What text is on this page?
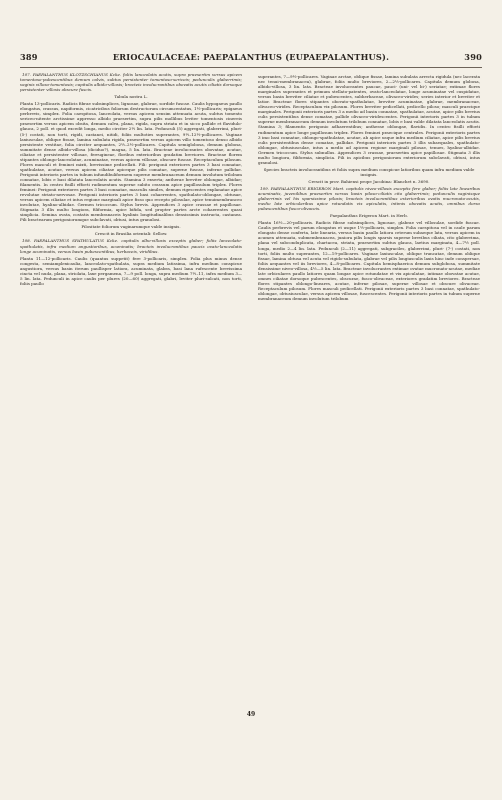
389	ERIOCAULACEAE: PAEPALANTHUS (EUPAEPALANTHUS).	390

107. PAEPALANTHUS KLOTZSCHIANUS Kcke. foliis lanceolatis acutis, supra praesertim versus apicem tomentoso-pubescentibus demum calvis, subtus persistenter tomentoso-sericeis; pedunculis glaberrimis; vaginis villoso-tomentosis; capitulis albido-villosis; bracteis involucrantibus obovatis acutis ciliatis dorsoque persistenter villosis obscure fuscis.

Tabula nostra L.

Planta 13-pollicaris. Radicis fibrae subsimplices, lignosae, glabrae, sordide fuscae. Caulis hypogaeus paullo elongatus, crassus, napiformis, cicatricibus foliorum destructorum circumcentatus, 1½-pollicaris; epigaeus perbrevis, simplex. Folia caespitosa, lanceolata, versus apicem sensim attenuata acuta, subtus tomento sericeo-nitente arctissime appresso albido praesertim, supra pilis mollibus leviter tomentosis cinereis praesertim versus apicem obsita, demum calva, plana, rigida, supra striata et in sicco pallide et flavidulo-glauca, 2 poll. et quod excedit longa, medio circiter 2½ lin. lata. Pedunculi (5) aggregati, glaberrimi, pluri- (5-) costati, non torti, rigidi, castanei, nitidi, foliis multoties superantes, 9½–12½-pollicares. Vaginae laxiusculae, oblique fissae, lamina subulata rigida, praesertim versus apicem villo tomentoso denso albido persistente vestitae, folia circiter aequantes, 2½–2½-pollicares. Capitula semiglobosa, demum globosa, summitate dense albido-villosa (diciduo?), magna, 5 lin. lata. Bracteae involucrantes obovatae, acutae, ciliatae et persistenter villosae, ferrugineae, floribus exterioribus gradatim breviores. Bracteae florem stipantes oblongo-lanceolatae, acuminatae, versus apicem villosae, obscure fuscae. Receptaculum pilosum. Flores masculi et feminei mixti, brevissime pedicellati. Fili: perigonii exteriores partes 3 basi connatae, spathulatae, acutae, versus apicem ciliatae apiceque pilis comatae, superne fuscae, inferne pallidae. Perigonii interioris partes in tubum infundibuliformem superne membranaceum demum involutum trilobum connatae, lobis e basi dilatata lanceolatis acutis. Stamina 3 exserta; antherae breviter oblongae, albidae; filamentis. In centro fisilli effoeti rudimentum superne subito crassum apice papillosulum triplex. Flores feminei: Perigonii exteriores partes 3 basi connatae, masculis similes, demum rigescentes explanatae apice revolutae striato-nervosae. Perigonii interioris partes 3 basi cohaerentes, spathulato-oblongae, obtusae, versus apicem ciliatae et intus regione marginali apice fisso quo recepto pilosulae, apice tenuimembranceo involutae, hyalino-albidae. Germen tricoccum. Stylus brevis. Appendices 3 apice crassae et papillosae. Stigmata 3 illis multo longiora, filiformia, apice bifida, sed propter partes arcte cohaerentes quasi simplicia. Semina ovata, costatis membranaceis hyalinis longitudinalibus densissimis instructa, castanea. Pili bractearum perigoniorumque subclavati, obtusi, intus granulosi.

Pilositate foliorum vaginarumque valde insignis.

Crescit in Brasilia orientali: Sellow.

108. PAEPALANTHUS SPATHULATUS Kcke. capitulis albo-villosis exceptis glaber; foliis lanceolato-spathulatis, infra medium angustioribus, acuminatis; bracteis involucrantibus paucis ovato-lanceolatis longe acuminatis, versus basin pubescentibus, herbaceis, viridibus.

Planta 11—12-pollicaris. Caulis (quantus suppetit) fere 3-pollicaris, simplex. Folia plus minus dense congesta, semiamplexicaulia, lanceolato-spathulata, supra medium latissima, infra medium conspicue angustiora, versus basin iterum paullisper latiora, acuminata, glabra, basi lana rufescente brevissima cincta vel nuda, plana, striolata, laxe pergamena, 7—9 poll. longa, supra medium 7½–11, infra medium 3—5 lin. lata. Pedunculi in apice caulis per plures (20—60) aggregati, glabri, leviter pluri-sulcati, non torti, foliis paullo

superantes, 7—9½-pollicares. Vaginae arctae, oblique fissae, lamina subulata arrecta rigidula (nec lacerata nec tenui-membranacea), glabrae, foliis multo breviores, 2—2½-pollicares. Capitula demum globosa, albido-villosa, 3 lin. lata. Bracteae involucrantes paucae, pauci- (uni- vel bi-) seriatae; extimae flores marginales superantes et primum stellato-patentes, ovato-lanceolatae, longe acuminatae vel cuspidatae, versus basin breviter ciliatae et pubescentes, subherbaceae, olivaceo-virides; series interior et breviter et latior. Bracteae flores stipantes obovato-spathulatae, breviter acuminatae, glabrae, membranaceae, olivaceo-virides. Receptaculum vix pilosum. Flores breviter pedicellati, pedicello piloso; masculi praecique marginales. Perigonii exterioris partes 3 a medio ad basin connatae, spathulatae, acutae, apice pilis brevius culis persistentibus dense comatae, pallide olivaceo-viridescentes. Perigonii interioris partes 3 in tubum superne membranaceum demum involutum trilobum connatae, lobis e basi valde dilatata lanceolatis acutis. Stamina 3; filamentis perigonio adhaerentibus; antherae oblongae, flavidis. In centro fisilli effoeti rudimentum apice longe papillosum triplex. Flores feminei praecique centrales. Perigonii exterioris partes 3 imo basi connatae, oblongo-spathulatae, acutae, ab apice usque infra medium ciliatae, apice pilis brevius culis persistentibus dense comatae, pallidae. Perigonii interioris partes 3 illis subaequales, spathulato-oblongae, obtusiusculae, intus a medio ad apicem regione marginali pilosae, tenues, hyalino-albidae. Germen tricoccum. Stylus subnullus. Appendices 3 crassae, praesertim apice papillosae. Stigmata 3 illis multo longiora, filiformia, simplicia. Pili in apicibus perigoniorum exteriorum subclavati, obtusi, intus granulosi.

Species bracteis involucrantibus et foliis supra medium conspicue latioribus quam infra medium valde insignis.

Crescit in prov. Bahiensi prope Jacobina: Blanchet n. 3690.

109. PAEPALANTHUS ERIGERON Mart. capitulis niveo-villosis exceptis fere glaber; foliis late linearibus acuminatis, juvenilibus praesertim versus basin piloso-ciliatis cito glaberrimis; pedunculis vaginisque glaberrimis vel his sparsissime pilosis; bracteis involucrantibus exterioribus ovatis mucronato-acutis, medio late orbicularibus apice rotundatis vix apiculatis, intimis obovatis acutis, omnibus dorso pubescentibus fusco-olivaceis.

Paepalanthus Erigeron Mart. in Herb.

Planta 16½—20-pollicaris. Radicis fibrae subsimplices, lignosae, glabrae vel villosulae, sordide fuscae. Caulis perbrevis vel parum elongatus et usque 1½-pollicaris, simplex. Folia caespitosa vel in caule parum elongato dense conferta, late linearia, versus basin paullo latiora ceterum subaeque lata, versus apicem in acumen attenuata, submembranacea, juniora pilis longis sparsis superne brevibus ciliata, cito glaberrima, plana vel subconduplicata, chartacea, striata, praesertim subtus glauca, laetius marginata, 4—7½ poll. longa, medio 2—4 lin. lata. Pedunculi (2—11) aggregati, subgraciles, glaberrimi, pluri- (7-) costati, non torti, foliis multo superantes, 12—19-pollicares. Vaginae laxiusculae, oblique truncatae, demum oblique fissae, lamina obtusa vel acuta vel rigido-subulata, glabrae vel pilis longiusculis laxis hinc inde conspersae, foliis aequantes vel iis breviores, 4—8-pollicares. Capitula hemisphaerica demum subglobosa, summitate densissime niveo-villosa, 4½—5 lin. lata. Bracteae involucrantes extimae ovatae mucronato-acutae, mediae late orbiculares paullo latiores quam longae apice rotundatae et vix apiculatae, intimae obovatae acutae, omnes ciliatae dorsoque pubescentes, obscurae, fusco-olivaceae, exteriores gradatim breviores. Bracteae flores stipantes oblongo-lineares, acutae, inferne pilosae, superne villosae et obscure olivaceae. Receptaculum pilosum. Flores masculi pedicellati. Perigonii exterioris partes 3 basi connatae, spathulato-oblongae, obtusiusculae, versus apicem villosae, fuscescentes. Perigonii interioris partes in tubum superne membranaceum demum involutum trilobum

49
